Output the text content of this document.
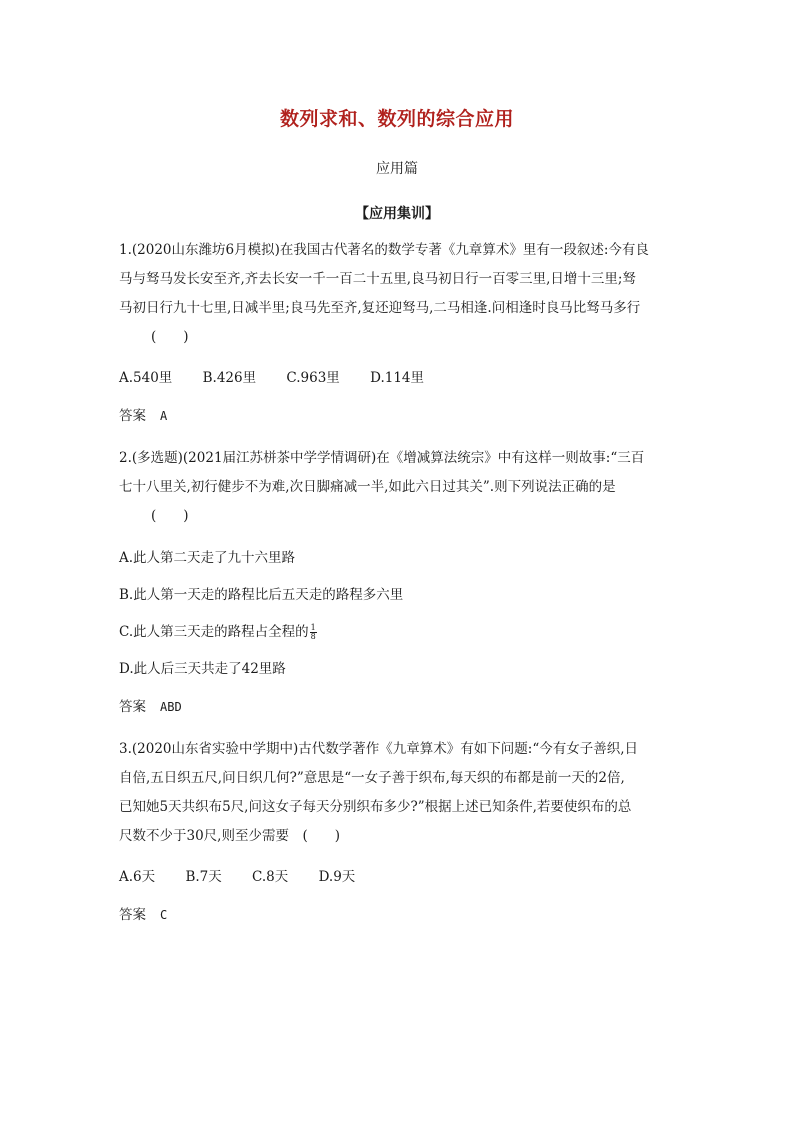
数列求和、数列的综合应用
应用篇
【应用集训】

1.(2020山东潍坊6月模拟)在我国古代著名的数学专著《九章算术》里有一段叙述:今有良

马与驽马发长安至齐,齐去长安一千一百二十五里,良马初日行一百零三里,日增十三里;驽

马初日行九十七里,日减半里;良马先至齐,复还迎驽马,二马相逢.问相逢时良马比驽马多行

(　　)
A.540里 B.426里 C.963里 D.114里
答案 A

2.(多选题)(2021届江苏栟茶中学学情调研)在《增减算法统宗》中有这样一则故事:“三百

七十八里关,初行健步不为难,次日脚痛减一半,如此六日过其关”.则下列说法正确的是

(　　)
A.此人第二天走了九十六里路
B.此人第一天走的路程比后五天走的路程多六里
C.此人第三天走的路程占全程的 $\frac{1}{8}$
D.此人后三天共走了42里路
答案 ABD

3.(2020山东省实验中学期中)古代数学著作《九章算术》有如下问题:“今有女子善织,日

自倍,五日织五尺,问日织几何?”意思是“一女子善于织布,每天织的布都是前一天的2倍,

已知她5天共织布5尺,问这女子每天分别织布多少?”根据上述已知条件,若要使织布的总

尺数不少于30尺,则至少需要　(　　)

A.6天 B.7天 C.8天 D.9天
答案 C
